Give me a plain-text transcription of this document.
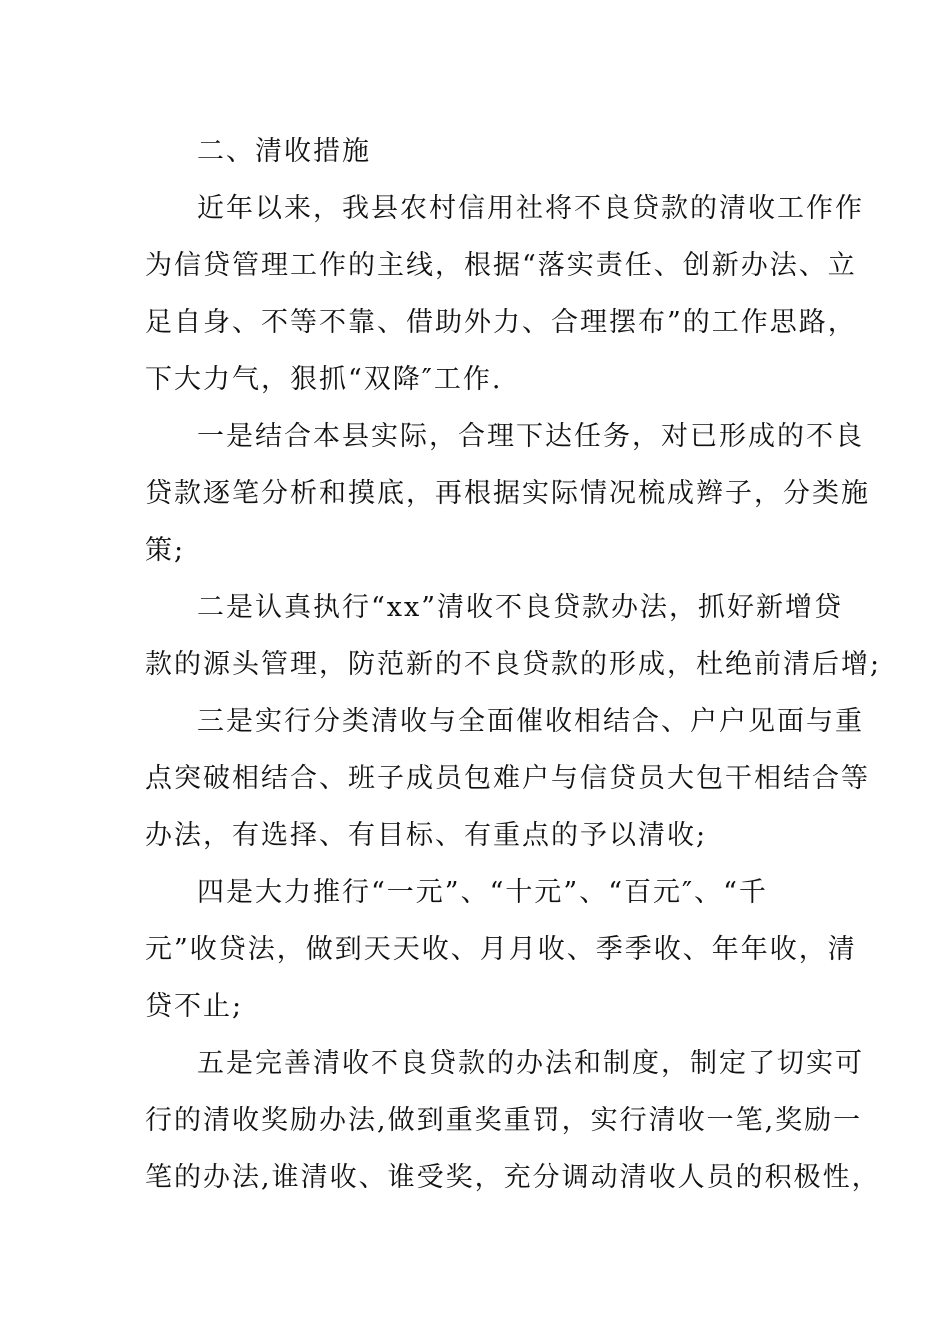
二、清收措施

近年以来，我县农村信用社将不良贷款的清收工作作

为信贷管理工作的主线，根据“落实责任、创新办法、立

足自身、不等不靠、借助外力、合理摆布”的工作思路，

下大力气，狠抓“双降″工作.

一是结合本县实际，合理下达任务，对已形成的不良

贷款逐笔分析和摸底，再根据实际情况梳成辫子，分类施

策;

二是认真执行“xx”清收不良贷款办法，抓好新增贷

款的源头管理，防范新的不良贷款的形成，杜绝前清后增;

三是实行分类清收与全面催收相结合、户户见面与重

点突破相结合、班子成员包难户与信贷员大包干相结合等

办法，有选择、有目标、有重点的予以清收;

四是大力推行“一元”、“十元”、“百元″、“千

元”收贷法，做到天天收、月月收、季季收、年年收，清

贷不止;

五是完善清收不良贷款的办法和制度，制定了切实可

行的清收奖励办法,做到重奖重罚，实行清收一笔,奖励一

笔的办法,谁清收、谁受奖，充分调动清收人员的积极性，
